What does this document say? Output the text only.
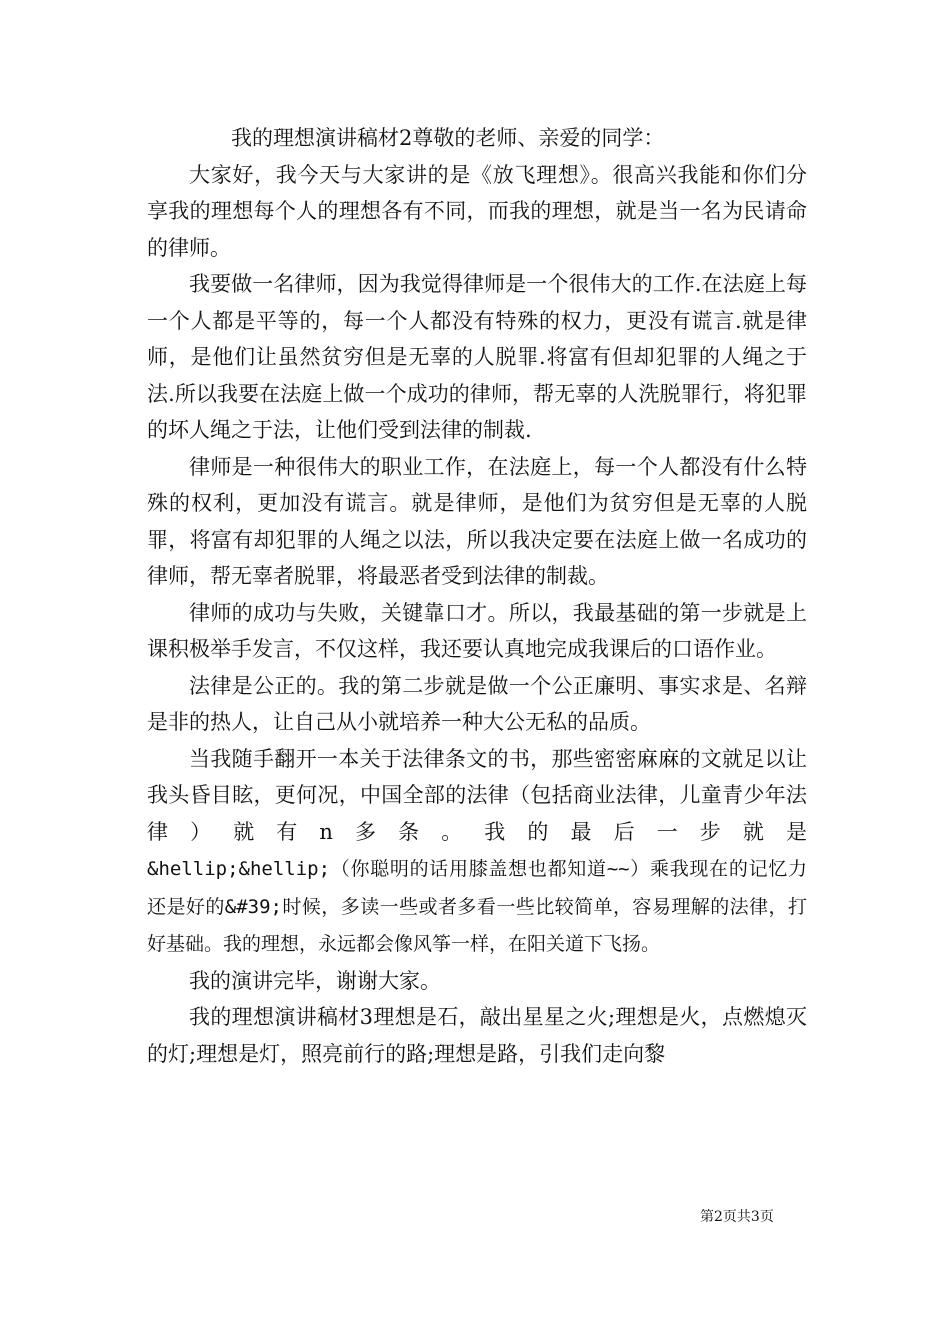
我的理想演讲稿材2尊敬的老师、亲爱的同学：

大家好，我今天与大家讲的是《放飞理想》。很高兴我能和你们分享我的理想每个人的理想各有不同，而我的理想，就是当一名为民请命的律师。

我要做一名律师，因为我觉得律师是一个很伟大的工作.在法庭上每一个人都是平等的，每一个人都没有特殊的权力，更没有谎言.就是律师，是他们让虽然贫穷但是无辜的人脱罪.将富有但却犯罪的人绳之于法.所以我要在法庭上做一个成功的律师，帮无辜的人洗脱罪行，将犯罪的坏人绳之于法，让他们受到法律的制裁.

律师是一种很伟大的职业工作，在法庭上，每一个人都没有什么特殊的权利，更加没有谎言。就是律师，是他们为贫穷但是无辜的人脱罪，将富有却犯罪的人绳之以法，所以我决定要在法庭上做一名成功的律师，帮无辜者脱罪，将最恶者受到法律的制裁。

律师的成功与失败，关键靠口才。所以，我最基础的第一步就是上课积极举手发言，不仅这样，我还要认真地完成我课后的口语作业。

法律是公正的。我的第二步就是做一个公正廉明、事实求是、名辩是非的热人，让自己从小就培养一种大公无私的品质。

当我随手翻开一本关于法律条文的书，那些密密麻麻的文就足以让我头昏目眩，更何况，中国全部的法律（包括商业法律，儿童青少年法律）就有n多条。我的最后一步就是

&hellip;&hellip;（你聪明的话用膝盖想也都知道~~）乘我现在的记忆力还是好的&#39;时候，多读一些或者多看一些比较简单，容易理解的法律，打好基础。我的理想，永远都会像风筝一样，在阳关道下飞扬。

我的演讲完毕，谢谢大家。

我的理想演讲稿材3理想是石，敲出星星之火;理想是火，点燃熄灭的灯;理想是灯，照亮前行的路;理想是路，引我们走向黎

第2页共3页
